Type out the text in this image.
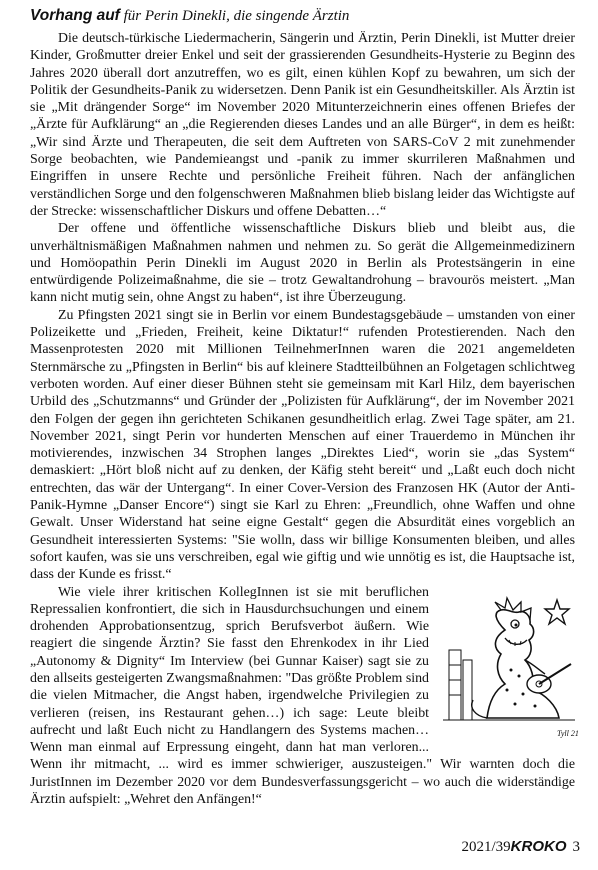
Vorhang auf für Perin Dinekli, die singende Ärztin

Die deutsch-türkische Liedermacherin, Sängerin und Ärztin, Perin Dinekli, ist Mutter dreier Kinder, Großmutter dreier Enkel und seit der grassierenden Gesundheits-Hysterie zu Beginn des Jahres 2020 überall dort anzutreffen, wo es gilt, einen kühlen Kopf zu bewahren, um sich der Politik der Gesundheits-Panik zu widersetzen. Denn Panik ist ein Gesundheitskiller. Als Ärztin ist sie „Mit drängender Sorge“ im November 2020 Mitunterzeichnerin eines offenen Briefes der „Ärzte für Aufklärung“ an „die Regierenden dieses Landes und an alle Bürger“, in dem es heißt: „Wir sind Ärzte und Therapeuten, die seit dem Auftreten von SARS-CoV 2 mit zunehmender Sorge beobachten, wie Pandemieangst und -panik zu immer skurrileren Maßnahmen und Eingriffen in unsere Rechte und persönliche Freiheit führen. Nach der anfänglichen verständlichen Sorge und den folgenschweren Maßnahmen blieb bislang leider das Wichtigste auf der Strecke: wissenschaftlicher Diskurs und offene Debatten…“

Der offene und öffentliche wissenschaftliche Diskurs blieb und bleibt aus, die unverhältnismäßigen Maßnahmen nahmen und nehmen zu. So gerät die Allgemeinmedizinern und Homöopathin Perin Dinekli im August 2020 in Berlin als Protestsängerin in eine entwürdigende Polizeimaßnahme, die sie – trotz Gewaltandrohung – bravourös meistert. „Man kann nicht mutig sein, ohne Angst zu haben“, ist ihre Überzeugung.

Zu Pfingsten 2021 singt sie in Berlin vor einem Bundestagsgebäude – umstanden von einer Polizeikette und „Frieden, Freiheit, keine Diktatur!“ rufenden Protestierenden. Nach den Massenprotesten 2020 mit Millionen TeilnehmerInnen waren die 2021 angemeldeten Sternmärsche zu „Pfingsten in Berlin“ bis auf kleinere Stadtteilbühnen an Folgetagen schlichtweg verboten worden. Auf einer dieser Bühnen steht sie gemeinsam mit Karl Hilz, dem bayerischen Urbild des „Schutzmanns“ und Gründer der „Polizisten für Aufklärung“, der im November 2021 den Folgen der gegen ihn gerichteten Schikanen gesundheitlich erlag. Zwei Tage später, am 21. November 2021, singt Perin vor hunderten Menschen auf einer Trauerdemo in München ihr motivierendes, inzwischen 34 Strophen langes „Direktes Lied“, worin sie „das System“ demaskiert: „Hört bloß nicht auf zu denken, der Käfig steht bereit“ und „Laßt euch doch nicht entrechten, das wär der Untergang“. In einer Cover-Version des Franzosen HK (Autor der Anti-Panik-Hymne „Danser Encore“) singt sie Karl zu Ehren: „Freundlich, ohne Waffen und ohne Gewalt. Unser Widerstand hat seine eigne Gestalt“ gegen die Absurdität eines vorgeblich an Gesundheit interessierten Systems: "Sie wolln, dass wir billige Konsumenten bleiben, und alles sofort kaufen, was sie uns verschreiben, egal wie giftig und wie unnötig es ist, die Hauptsache ist, dass der Kunde es frisst.“

Tyll 21

Wie viele ihrer kritischen KollegInnen ist sie mit beruflichen Repressalien konfrontiert, die sich in Hausdurchsuchungen und einem drohenden Approbationsentzug, sprich Berufsverbot äußern. Wie reagiert die singende Ärztin? Sie fasst den Ehrenkodex in ihr Lied „Autonomy & Dignity“ Im Interview (bei Gunnar Kaiser) sagt sie zu den allseits gesteigerten Zwangsmaßnahmen: "Das größte Problem sind die vielen Mitmacher, die Angst haben, irgendwelche Privilegien zu verlieren (reisen, ins Restaurant gehen…) ich sage: Leute bleibt aufrecht und laßt Euch nicht zu Handlangern des Systems machen… Wenn man einmal auf Erpressung eingeht, dann hat man verloren... Wenn ihr mitmacht, ... wird es immer schwieriger, auszusteigen." Wir warnten doch die JuristInnen im Dezember 2020 vor dem Bundesverfassungsgericht – wo auch die widerständige Ärztin aufspielt: „Wehret den Anfängen!“

2021/39KROKO 3
